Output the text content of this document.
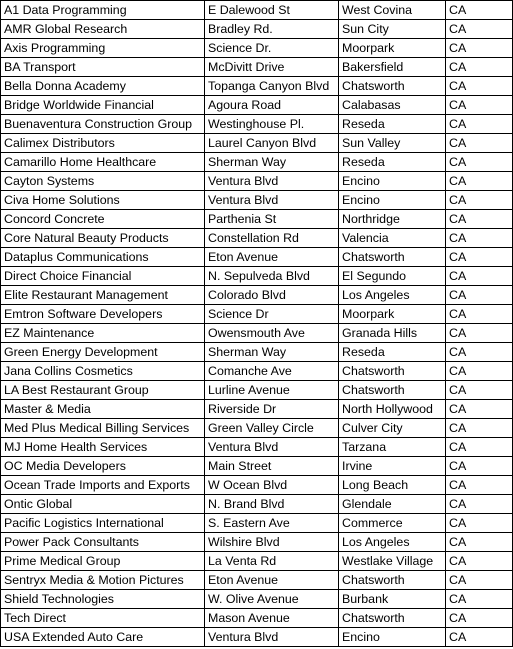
A1 Data Programming	E Dalewood St	West Covina	CA
AMR Global Research	Bradley Rd.	Sun City	CA
Axis Programming	Science Dr.	Moorpark	CA
BA Transport	McDivitt Drive	Bakersfield	CA
Bella Donna Academy	Topanga Canyon Blvd	Chatsworth	CA
Bridge Worldwide Financial	Agoura Road	Calabasas	CA
Buenaventura Construction Group	Westinghouse Pl.	Reseda	CA
Calimex Distributors	Laurel Canyon Blvd	Sun Valley	CA
Camarillo Home Healthcare	Sherman Way	Reseda	CA
Cayton Systems	Ventura Blvd	Encino	CA
Civa Home Solutions	Ventura Blvd	Encino	CA
Concord Concrete	Parthenia St	Northridge	CA
Core Natural Beauty Products	Constellation Rd	Valencia	CA
Dataplus Communications	Eton Avenue	Chatsworth	CA
Direct Choice Financial	N. Sepulveda Blvd	El Segundo	CA
Elite Restaurant Management	Colorado Blvd	Los Angeles	CA
Emtron Software Developers	Science Dr	Moorpark	CA
EZ Maintenance	Owensmouth Ave	Granada Hills	CA
Green Energy Development	Sherman Way	Reseda	CA
Jana Collins Cosmetics	Comanche Ave	Chatsworth	CA
LA Best Restaurant Group	Lurline Avenue	Chatsworth	CA
Master & Media	Riverside Dr	North Hollywood	CA
Med Plus Medical Billing Services	Green Valley Circle	Culver City	CA
MJ Home Health Services	Ventura Blvd	Tarzana	CA
OC Media Developers	Main Street	Irvine	CA
Ocean Trade Imports and Exports	W Ocean Blvd	Long Beach	CA
Ontic Global	N. Brand Blvd	Glendale	CA
Pacific Logistics International	S. Eastern Ave	Commerce	CA
Power Pack Consultants	Wilshire Blvd	Los Angeles	CA
Prime Medical Group	La Venta Rd	Westlake Village	CA
Sentryx Media & Motion Pictures	Eton Avenue	Chatsworth	CA
Shield Technologies	W. Olive Avenue	Burbank	CA
Tech Direct	Mason Avenue	Chatsworth	CA
USA Extended Auto Care	Ventura Blvd	Encino	CA
